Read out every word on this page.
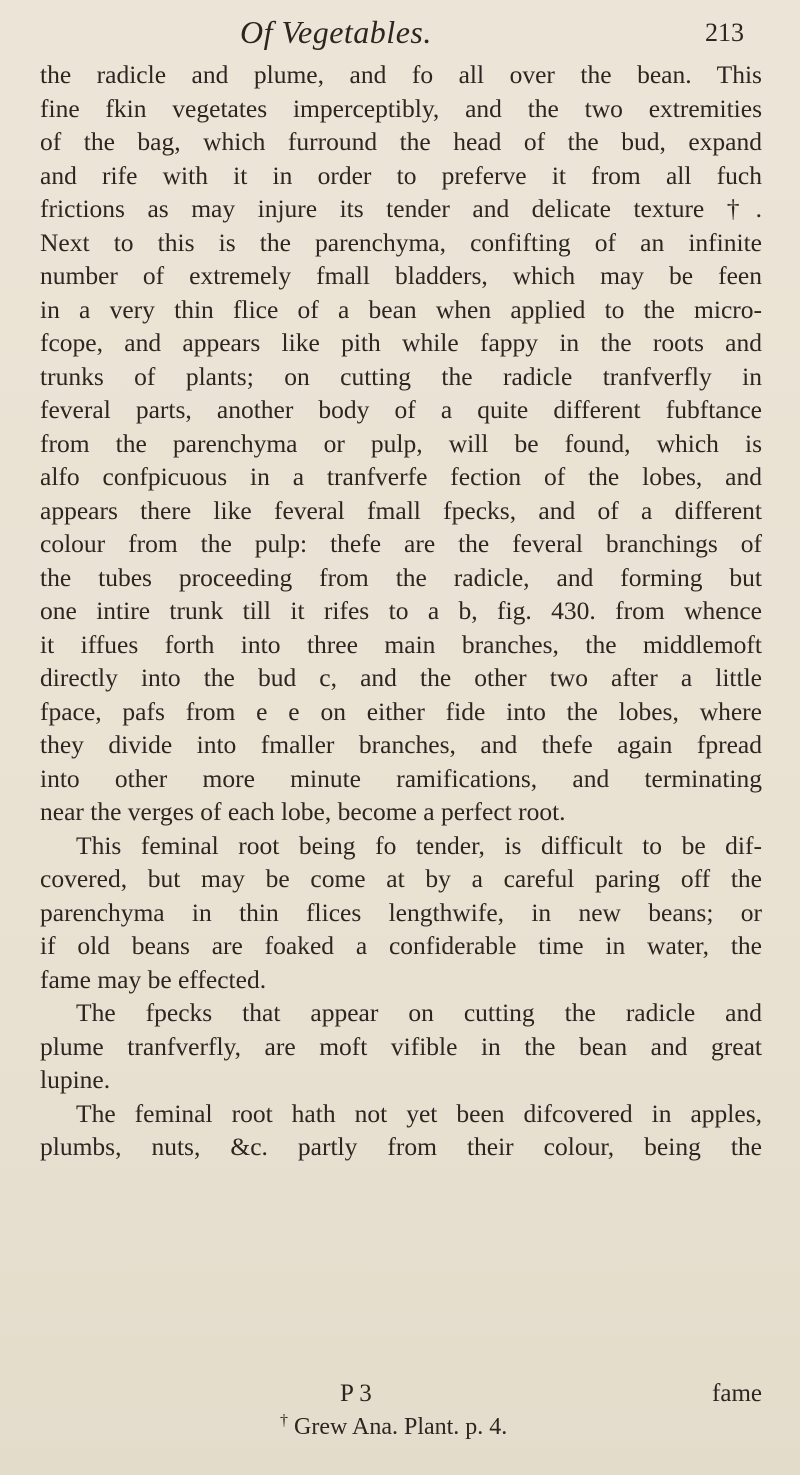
Of Vegetables.	213
the radicle and plume, and fo all over the bean. This
fine fkin vegetates imperceptibly, and the two extremities
of the bag, which furround the head of the bud, expand
and rife with it in order to preferve it from all fuch
frictions as may injure its tender and delicate texture †.
Next to this is the parenchyma, confifting of an infinite
number of extremely fmall bladders, which may be feen
in a very thin flice of a bean when applied to the micro-
fcope, and appears like pith while fappy in the roots and
trunks of plants; on cutting the radicle tranfverfly in
feveral parts, another body of a quite different fubftance
from the parenchyma or pulp, will be found, which is
alfo confpicuous in a tranfverfe fection of the lobes, and
appears there like feveral fmall fpecks, and of a different
colour from the pulp: thefe are the feveral branchings of
the tubes proceeding from the radicle, and forming but
one intire trunk till it rifes to a b, fig. 430. from whence
it iffues forth into three main branches, the middlemoft
directly into the bud c, and the other two after a little
fpace, pafs from e e on either fide into the lobes, where
they divide into fmaller branches, and thefe again fpread
into other more minute ramifications, and terminating
near the verges of each lobe, become a perfect root.
This feminal root being fo tender, is difficult to be dif-
covered, but may be come at by a careful paring off the
parenchyma in thin flices lengthwife, in new beans; or
if old beans are foaked a confiderable time in water, the
fame may be effected.
The fpecks that appear on cutting the radicle and
plume tranfverfly, are moft vifible in the bean and great
lupine.
The feminal root hath not yet been difcovered in apples,
plumbs, nuts, &c. partly from their colour, being the
P 3	fame
† Grew Ana. Plant. p. 4.
